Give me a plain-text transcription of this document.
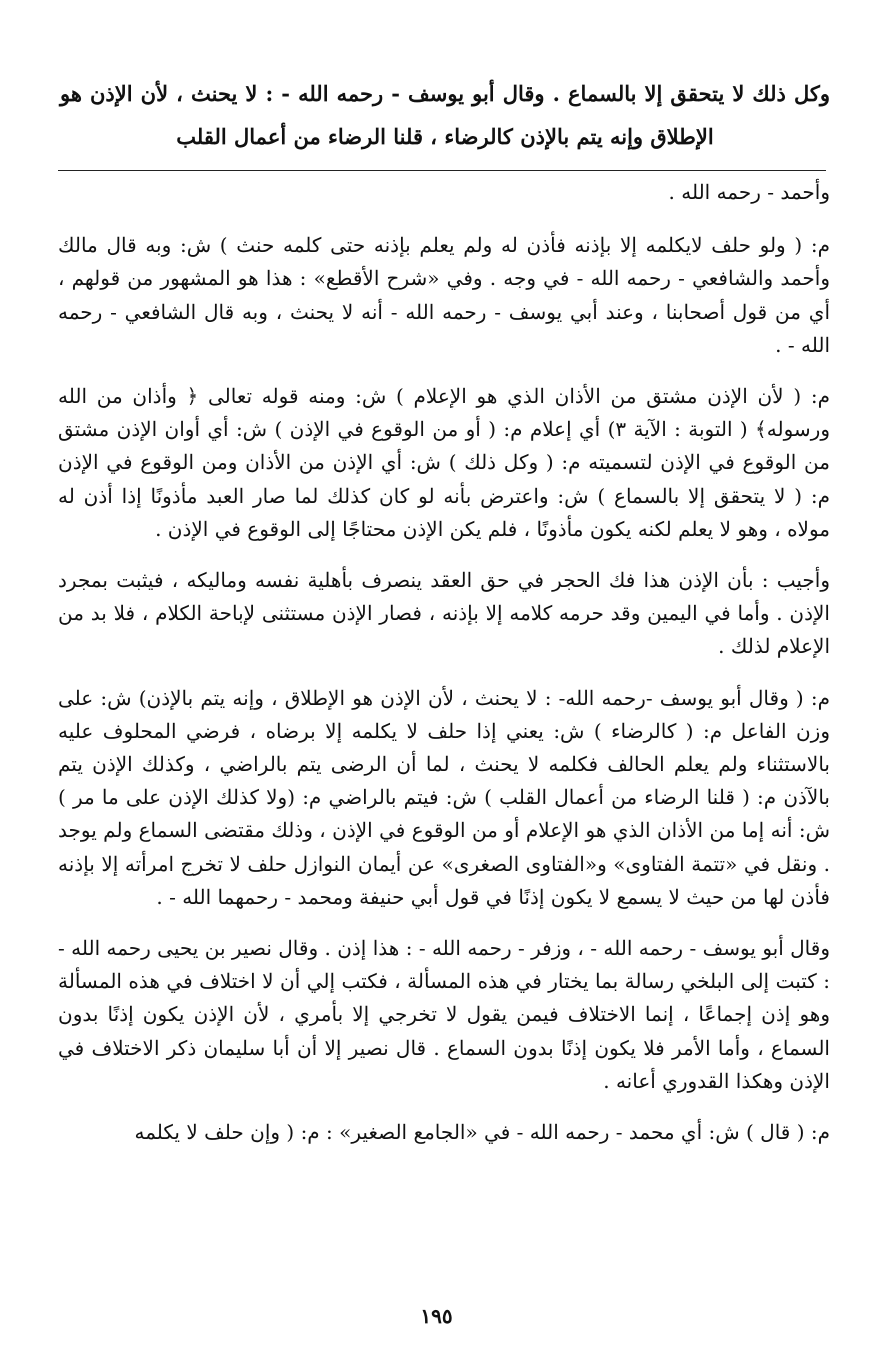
وكل ذلك لا يتحقق إلا بالسماع . وقال أبو يوسف - رحمه الله - : لا يحنث ، لأن الإذن هو الإطلاق وإنه يتم بالإذن كالرضاء ، قلنا الرضاء من أعمال القلب

وأحمد - رحمه الله .

م: ( ولو حلف لايكلمه إلا بإذنه فأذن له ولم يعلم بإذنه حتى كلمه حنث ) ش: وبه قال مالك وأحمد والشافعي - رحمه الله - في وجه . وفي «شرح الأقطع» : هذا هو المشهور من قولهم ، أي من قول أصحابنا ، وعند أبي يوسف - رحمه الله - أنه لا يحنث ، وبه قال الشافعي - رحمه الله - .

م: ( لأن الإذن مشتق من الأذان الذي هو الإعلام ) ش: ومنه قوله تعالى ﴿ وأذان من الله ورسوله﴾ ( التوبة : الآية ٣) أي إعلام م: ( أو من الوقوع في الإذن ) ش: أي أوان الإذن مشتق من الوقوع في الإذن لتسميته م: ( وكل ذلك ) ش: أي الإذن من الأذان ومن الوقوع في الإذن م: ( لا يتحقق إلا بالسماع ) ش: واعترض بأنه لو كان كذلك لما صار العبد مأذونًا إذا أذن له مولاه ، وهو لا يعلم لكنه يكون مأذونًا ، فلم يكن الإذن محتاجًا إلى الوقوع في الإذن .

وأجيب : بأن الإذن هذا فك الحجر في حق العقد ينصرف بأهلية نفسه وماليكه ، فيثبت بمجرد الإذن . وأما في اليمين وقد حرمه كلامه إلا بإذنه ، فصار الإذن مستثنى لإباحة الكلام ، فلا بد من الإعلام لذلك .

م: ( وقال أبو يوسف -رحمه الله- : لا يحنث ، لأن الإذن هو الإطلاق ، وإنه يتم بالإذن) ش: على وزن الفاعل م: ( كالرضاء ) ش: يعني إذا حلف لا يكلمه إلا برضاه ، فرضي المحلوف عليه بالاستثناء ولم يعلم الحالف فكلمه لا يحنث ، لما أن الرضى يتم بالراضي ، وكذلك الإذن يتم بالآذن م: ( قلنا الرضاء من أعمال القلب ) ش: فيتم بالراضي م: (ولا كذلك الإذن على ما مر ) ش: أنه إما من الأذان الذي هو الإعلام أو من الوقوع في الإذن ، وذلك مقتضى السماع ولم يوجد . ونقل في «تتمة الفتاوى» و«الفتاوى الصغرى» عن أيمان النوازل حلف لا تخرج امرأته إلا بإذنه فأذن لها من حيث لا يسمع لا يكون إذنًا في قول أبي حنيفة ومحمد - رحمهما الله - .

وقال أبو يوسف - رحمه الله - ، وزفر - رحمه الله - : هذا إذن . وقال نصير بن يحيى رحمه الله - : كتبت إلى البلخي رسالة بما يختار في هذه المسألة ، فكتب إلي أن لا اختلاف في هذه المسألة وهو إذن إجماعًا ، إنما الاختلاف فيمن يقول لا تخرجي إلا بأمري ، لأن الإذن يكون إذنًا بدون السماع ، وأما الأمر فلا يكون إذنًا بدون السماع . قال نصير إلا أن أبا سليمان ذكر الاختلاف في الإذن وهكذا القدوري أعانه .

م: ( قال ) ش: أي محمد - رحمه الله - في «الجامع الصغير» : م: ( وإن حلف لا يكلمه

١٩٥
